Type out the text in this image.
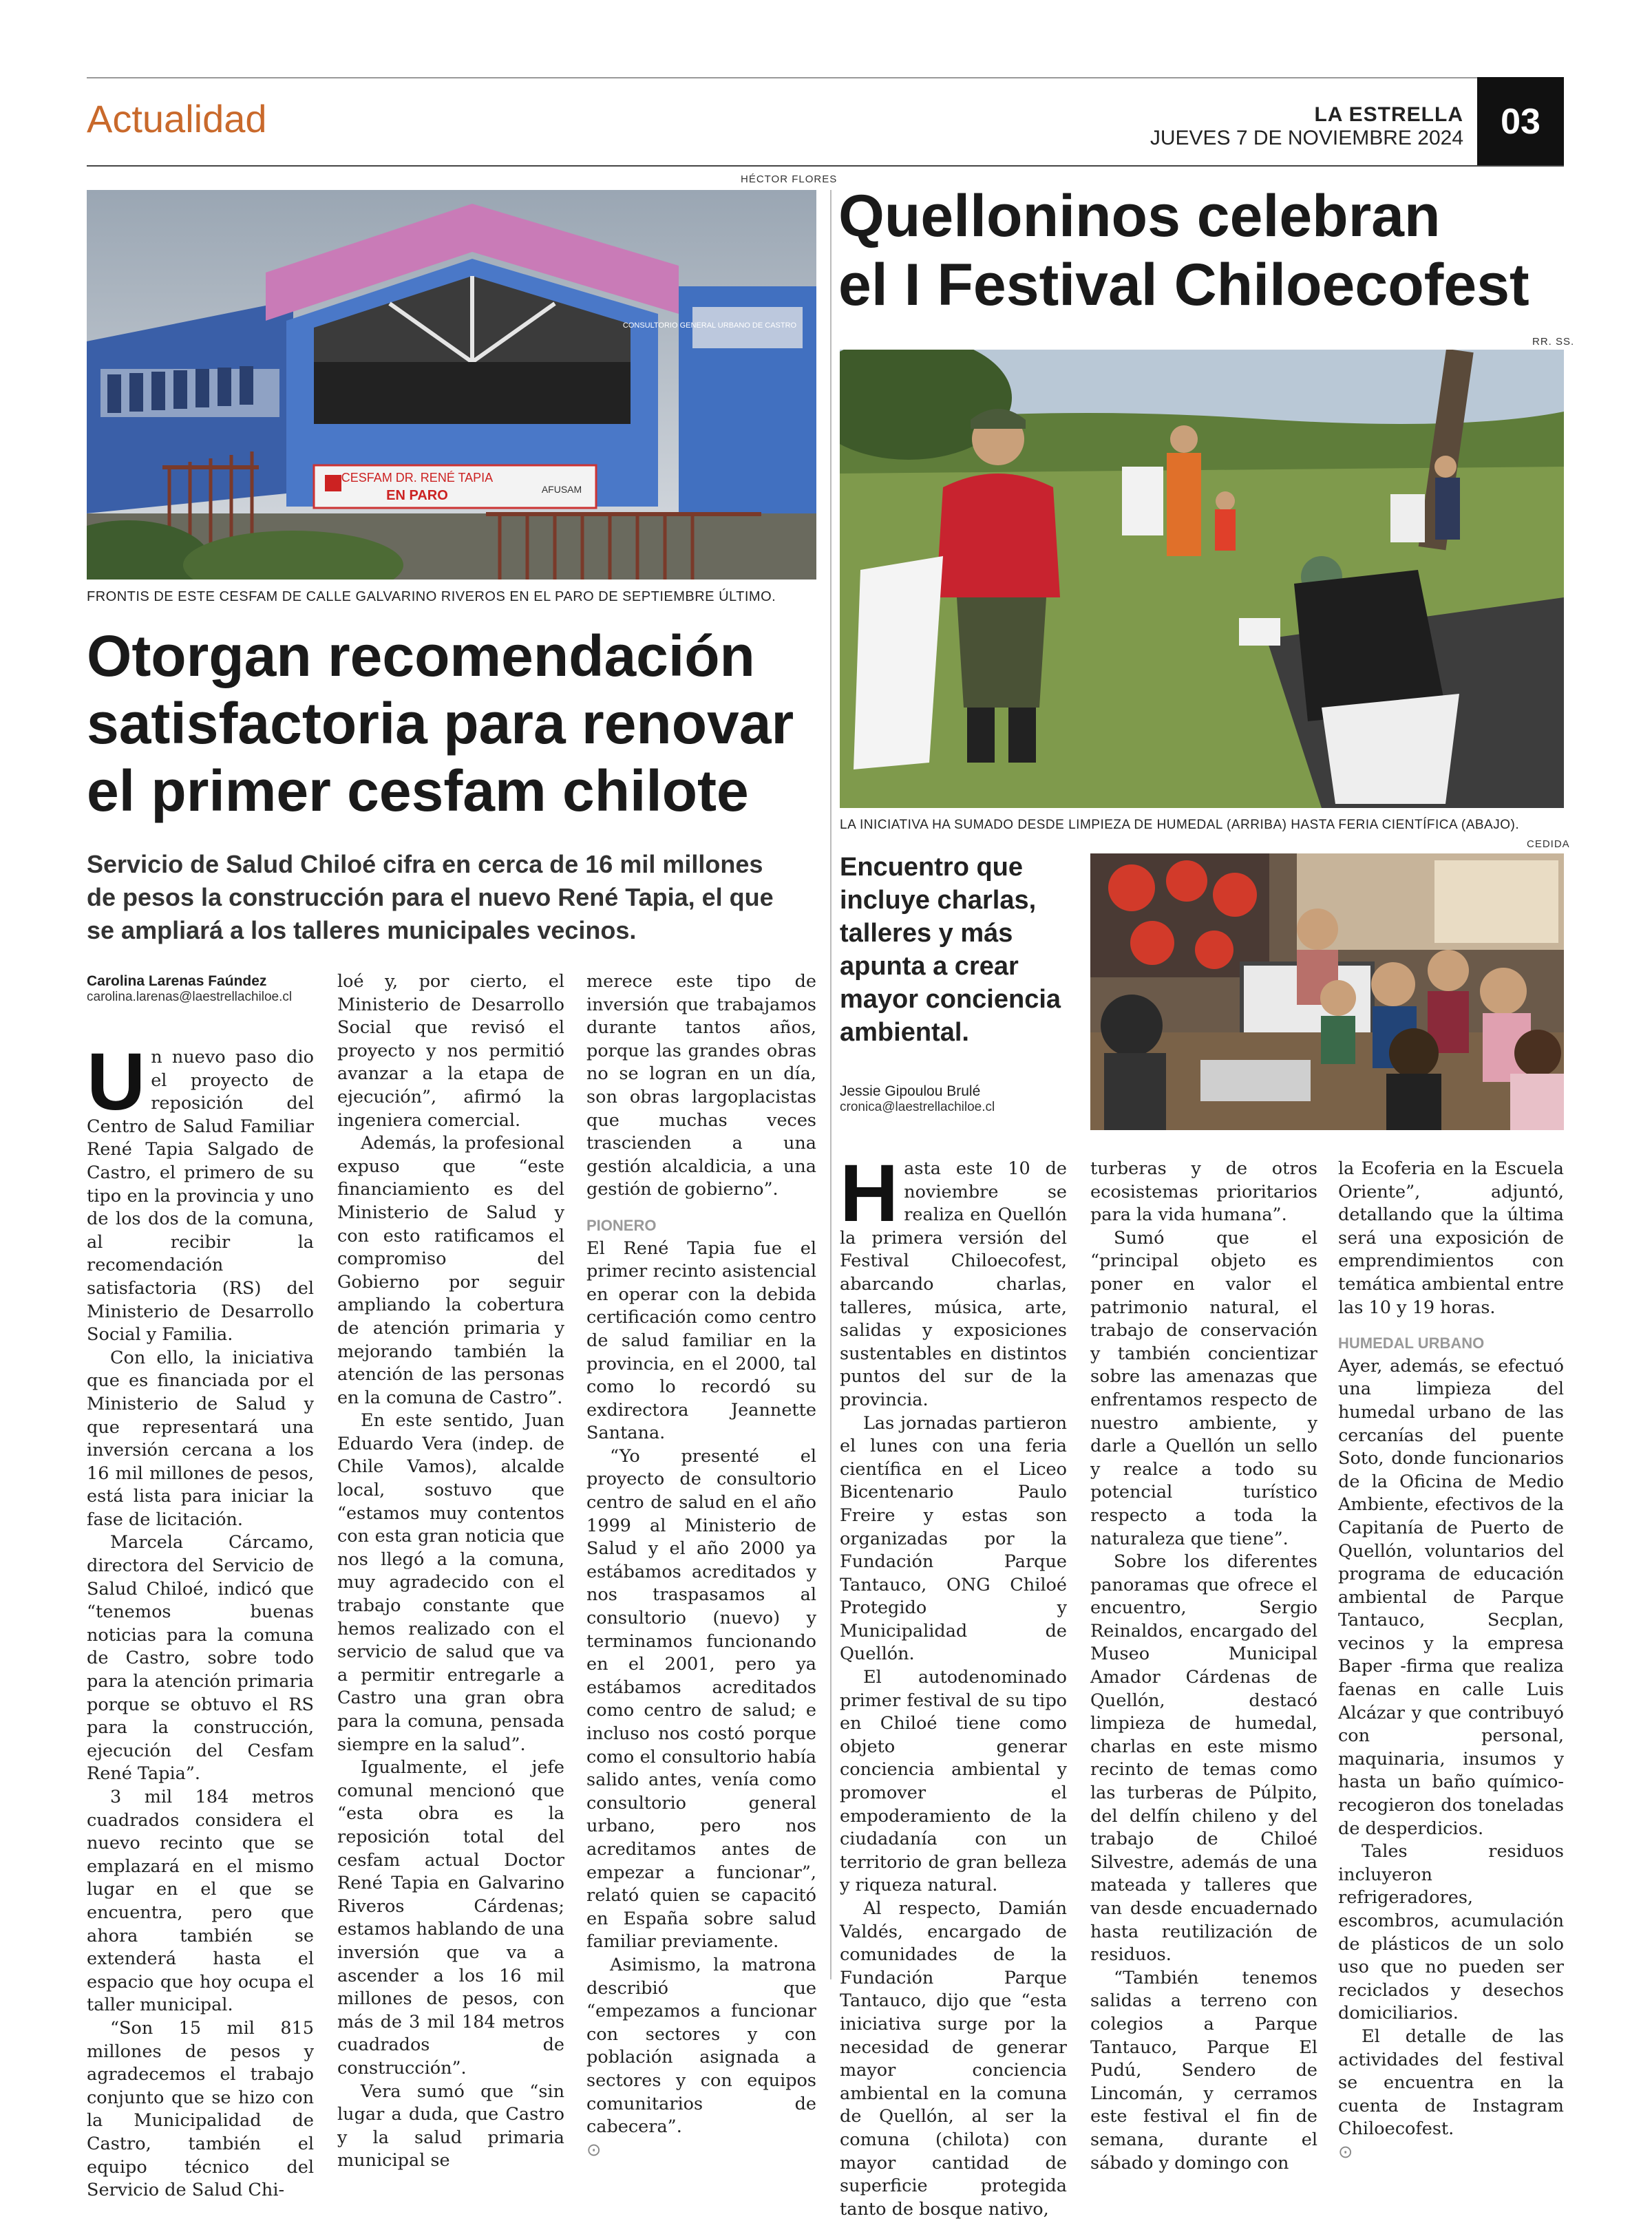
Actualidad	LA ESTRELLA
JUEVES 7 DE NOVIEMBRE 2024	03
HÉCTOR FLORES
CESFAM DR. RENÉ TAPIA
EN PARO	AFUSAM
CONSULTORIO GENERAL URBANO DE CASTRO
FRONTIS DE ESTE CESFAM DE CALLE GALVARINO RIVEROS EN EL PARO DE SEPTIEMBRE ÚLTIMO.
Otorgan recomendación
satisfactoria para renovar
el primer cesfam chilote
Servicio de Salud Chiloé cifra en cerca de 16 mil millones
de pesos la construcción para el nuevo René Tapia, el que
se ampliará a los talleres municipales vecinos.
Carolina Larenas Faúndez
carolina.larenas@laestrellachiloe.cl
U n nuevo paso dio el proyecto de reposición del Centro de Salud Familiar René Tapia Salgado de Castro, el primero de su tipo en la provincia y uno de los dos de la comuna, al recibir la recomendación satisfactoria (RS) del Ministerio de Desarrollo Social y Familia.

Con ello, la iniciativa que es financiada por el Ministerio de Salud y que representará una inversión cercana a los 16 mil millones de pesos, está lista para iniciar la fase de licitación.

Marcela Cárcamo, directora del Servicio de Salud Chiloé, indicó que “tenemos buenas noticias para la comuna de Castro, sobre todo para la atención primaria porque se obtuvo el RS para la construcción, ejecución del Cesfam René Tapia”.

3 mil 184 metros cuadrados considera el nuevo recinto que se emplazará en el mismo lugar en el que se encuentra, pero que ahora también se extenderá hasta el espacio que hoy ocupa el taller municipal.

“Son 15 mil 815 millones de pesos y agradecemos el trabajo conjunto que se hizo con la Municipalidad de Castro, también el equipo técnico del Servicio de Salud Chi-

loé y, por cierto, el Ministerio de Desarrollo Social que revisó el proyecto y nos permitió avanzar a la etapa de ejecución”, afirmó la ingeniera comercial.

Además, la profesional expuso que “este financiamiento es del Ministerio de Salud y con esto ratificamos el compromiso del Gobierno por seguir ampliando la cobertura de atención primaria y mejorando también la atención de las personas en la comuna de Castro”.

En este sentido, Juan Eduardo Vera (indep. de Chile Vamos), alcalde local, sostuvo que “estamos muy contentos con esta gran noticia que nos llegó a la comuna, muy agradecido con el trabajo constante que hemos realizado con el servicio de salud que va a permitir entregarle a Castro una gran obra para la comuna, pensada siempre en la salud”.

Igualmente, el jefe comunal mencionó que “esta obra es la reposición total del cesfam actual Doctor René Tapia en Galvarino Riveros Cárdenas; estamos hablando de una inversión que va a ascender a los 16 mil millones de pesos, con más de 3 mil 184 metros cuadrados de construcción”.

Vera sumó que “sin lugar a duda, que Castro y la salud primaria municipal se

merece este tipo de inversión que trabajamos durante tantos años, porque las grandes obras no se logran en un día, son obras largoplacistas que muchas veces trascienden a una gestión alcaldicia, a una gestión de gobierno”.

PIONERO

El René Tapia fue el primer recinto asistencial en operar con la debida certificación como centro de salud familiar en la provincia, en el 2000, tal como lo recordó su exdirectora Jeannette Santana.

“Yo presenté el proyecto de consultorio centro de salud en el año 1999 al Ministerio de Salud y el año 2000 ya estábamos acreditados y nos traspasamos al consultorio (nuevo) y terminamos funcionando en el 2001, pero ya estábamos acreditados como centro de salud; e incluso nos costó porque como el consultorio había salido antes, venía como consultorio general urbano, pero nos acreditamos antes de empezar a funcionar”, relató quien se capacitó en España sobre salud familiar previamente.

Asimismo, la matrona describió que “empezamos a funcionar con sectores y con población asignada a sectores y con equipos comunitarios de cabecera”.

⊙
Quelloninos celebran
el I Festival Chiloecofest
RR. SS.
LA INICIATIVA HA SUMADO DESDE LIMPIEZA DE HUMEDAL (ARRIBA) HASTA FERIA CIENTÍFICA (ABAJO).
CEDIDA
Encuentro que
incluye charlas,
talleres y más
apunta a crear
mayor conciencia
ambiental.
Jessie Gipoulou Brulé
cronica@laestrellachiloe.cl
H asta este 10 de noviembre se realiza en Quellón la primera versión del Festival Chiloecofest, abarcando charlas, talleres, música, arte, salidas y exposiciones sustentables en distintos puntos del sur de la provincia.

Las jornadas partieron el lunes con una feria científica en el Liceo Bicentenario Paulo Freire y estas son organizadas por la Fundación Parque Tantauco, ONG Chiloé Protegido y Municipalidad de Quellón.

El autodenominado primer festival de su tipo en Chiloé tiene como objeto generar conciencia ambiental y promover el empoderamiento de la ciudadanía con un territorio de gran belleza y riqueza natural.

Al respecto, Damián Valdés, encargado de comunidades de la Fundación Parque Tantauco, dijo que “esta iniciativa surge por la necesidad de generar mayor conciencia ambiental en la comuna de Quellón, al ser la comuna (chilota) con mayor cantidad de superficie protegida tanto de bosque nativo,

turberas y de otros ecosistemas prioritarios para la vida humana”.

Sumó que el “principal objeto es poner en valor el patrimonio natural, el trabajo de conservación y también concientizar sobre las amenazas que enfrentamos respecto de nuestro ambiente, y darle a Quellón un sello y realce a todo su potencial turístico respecto a toda la naturaleza que tiene”.

Sobre los diferentes panoramas que ofrece el encuentro, Sergio Reinaldos, encargado del Museo Municipal Amador Cárdenas de Quellón, destacó limpieza de humedal, charlas en este mismo recinto de temas como las turberas de Púlpito, del delfín chileno y del trabajo de Chiloé Silvestre, además de una mateada y talleres que van desde encuadernado hasta reutilización de residuos.

“También tenemos salidas a terreno con colegios a Parque Tantauco, Parque El Pudú, Sendero de Lincomán, y cerramos este festival el fin de semana, durante el sábado y domingo con

la Ecoferia en la Escuela Oriente”, adjuntó, detallando que la última será una exposición de emprendimientos con temática ambiental entre las 10 y 19 horas.

HUMEDAL URBANO

Ayer, además, se efectuó una limpieza del humedal urbano de las cercanías del puente Soto, donde funcionarios de la Oficina de Medio Ambiente, efectivos de la Capitanía de Puerto de Quellón, voluntarios del programa de educación ambiental de Parque Tantauco, Secplan, vecinos y la empresa Baper -firma que realiza faenas en calle Luis Alcázar y que contribuyó con personal, maquinaria, insumos y hasta un baño químico- recogieron dos toneladas de desperdicios.

Tales residuos incluyeron refrigeradores, escombros, acumulación de plásticos de un solo uso que no pueden ser reciclados y desechos domiciliarios.

El detalle de las actividades del festival se encuentra en la cuenta de Instagram Chiloecofest.

⊙
